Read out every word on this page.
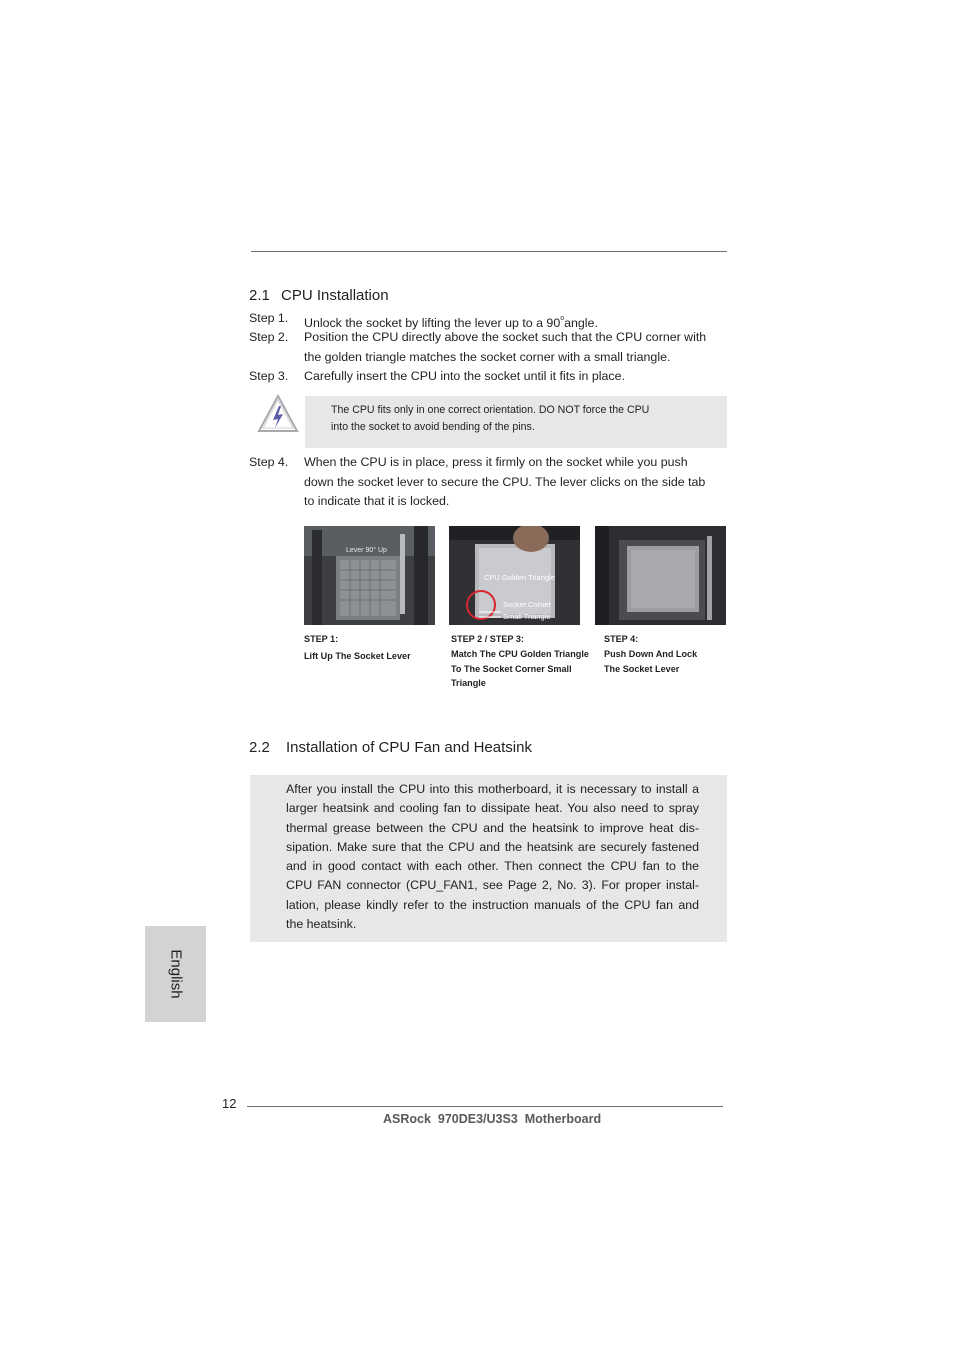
2.1 CPU Installation
Step 1. Unlock the socket by lifting the lever up to a 90$^o$angle.
Step 2. Position the CPU directly above the socket such that the CPU corner with
the golden triangle matches the socket corner with a small triangle.
Step 3. Carefully insert the CPU into the socket until it fits in place.
The CPU fits only in one correct orientation. DO NOT force the CPU
into the socket to avoid bending of the pins.
Step 4. When the CPU is in place, press it firmly on the socket while you push
down the socket lever to secure the CPU. The lever clicks on the side tab
to indicate that it is locked.
Lever 90° Up
CPU Golden Triangle
Socket Corner
Small Triangle
STEP 1:
Lift Up The Socket Lever
STEP 2 / STEP 3:
Match The CPU Golden Triangle
To The Socket Corner Small
Triangle
STEP 4:
Push Down And Lock
The Socket Lever
2.2 Installation of CPU Fan and Heatsink
After you install the CPU into this motherboard, it is necessary to install a
larger heatsink and cooling fan to dissipate heat. You also need to spray
thermal grease between the CPU and the heatsink to improve heat dis-
sipation. Make sure that the CPU and the heatsink are securely fastened
and in good contact with each other. Then connect the CPU fan to the
CPU FAN connector (CPU_FAN1, see Page 2, No. 3). For proper instal-
lation, please kindly refer to the instruction manuals of the CPU fan and
the heatsink.
English
12
ASRock  970DE3/U3S3  Motherboard
